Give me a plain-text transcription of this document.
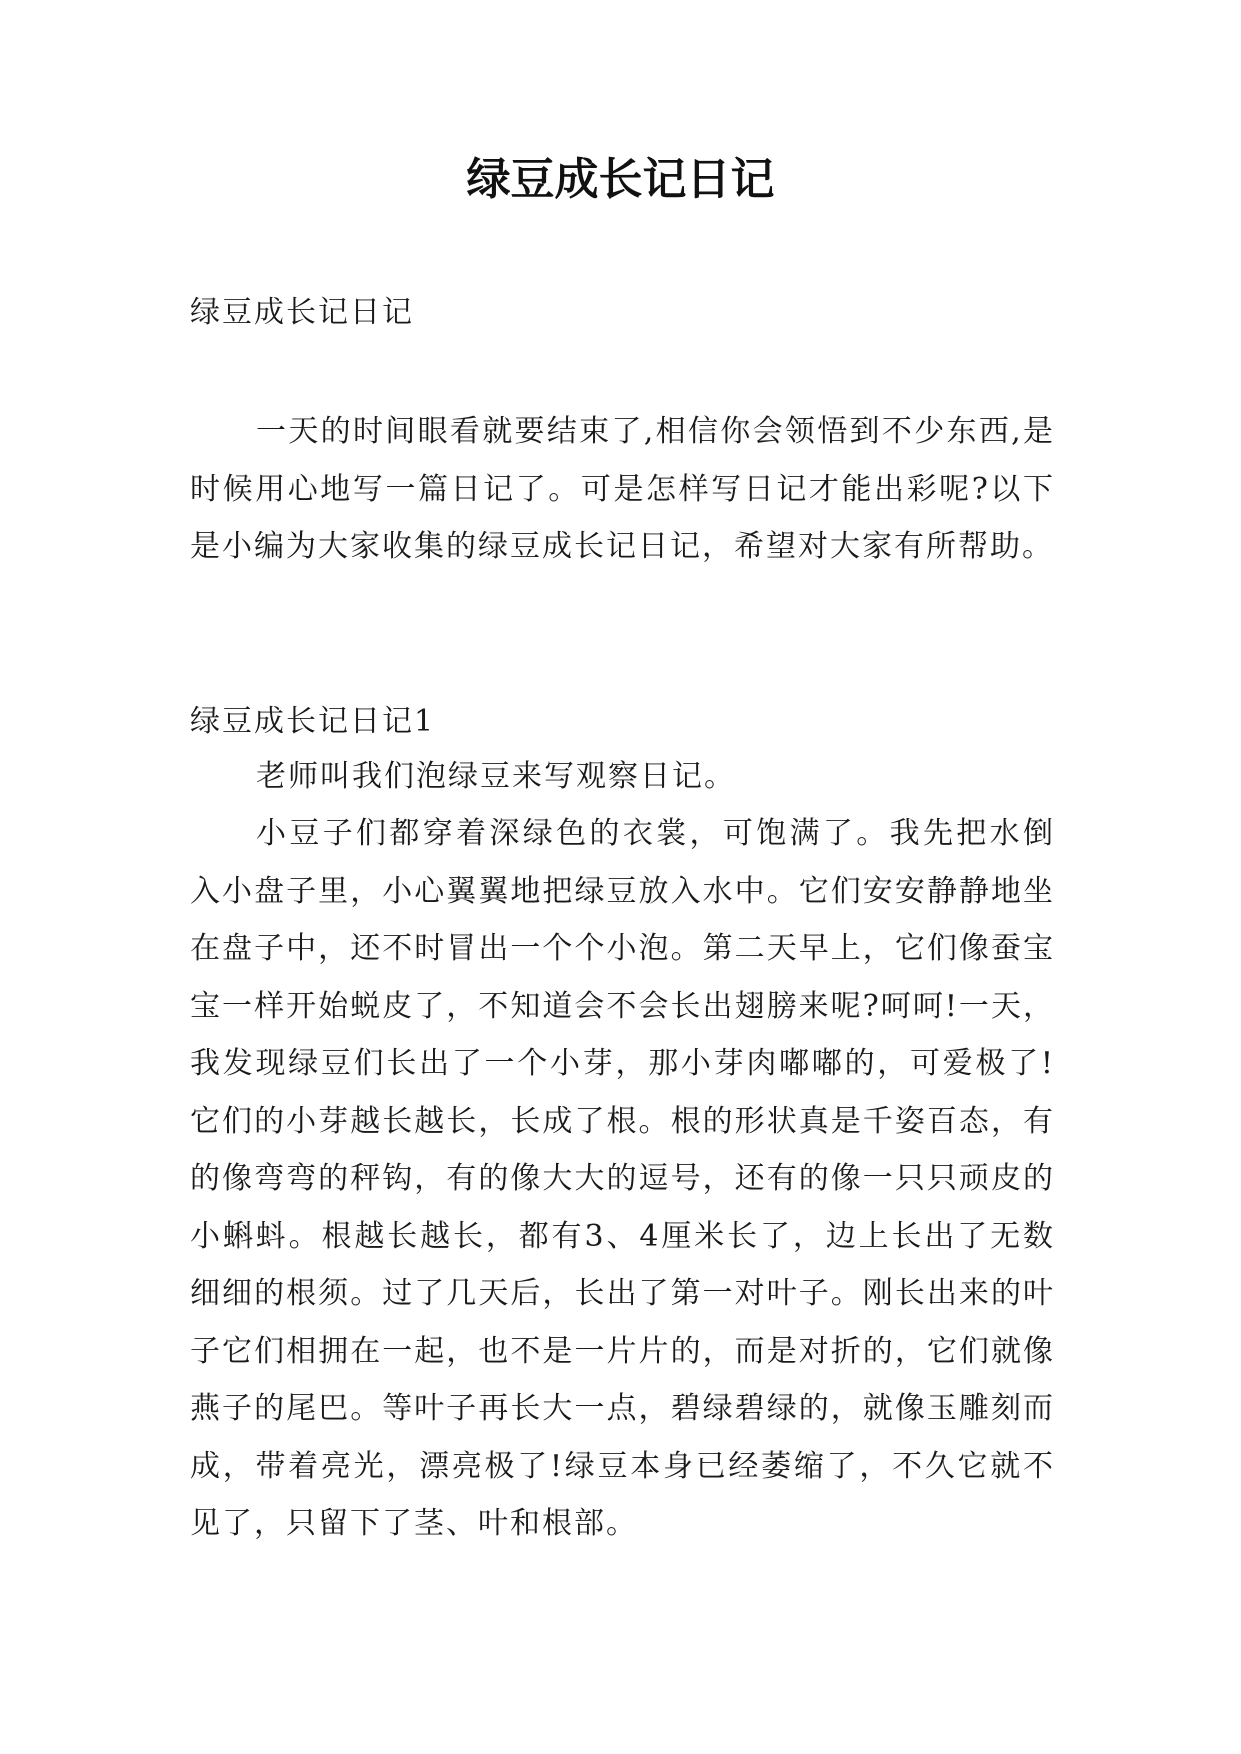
绿豆成长记日记

绿豆成长记日记

一天的时间眼看就要结束了,相信你会领悟到不少东西,是时候用心地写一篇日记了。可是怎样写日记才能出彩呢?以下是小编为大家收集的绿豆成长记日记，希望对大家有所帮助。

绿豆成长记日记1

老师叫我们泡绿豆来写观察日记。

小豆子们都穿着深绿色的衣裳，可饱满了。我先把水倒入小盘子里，小心翼翼地把绿豆放入水中。它们安安静静地坐在盘子中，还不时冒出一个个小泡。第二天早上，它们像蚕宝宝一样开始蜕皮了，不知道会不会长出翅膀来呢?呵呵!一天，我发现绿豆们长出了一个小芽，那小芽肉嘟嘟的，可爱极了!它们的小芽越长越长，长成了根。根的形状真是千姿百态，有的像弯弯的秤钩，有的像大大的逗号，还有的像一只只顽皮的小蝌蚪。根越长越长，都有3、4厘米长了，边上长出了无数细细的根须。过了几天后，长出了第一对叶子。刚长出来的叶子它们相拥在一起，也不是一片片的，而是对折的，它们就像燕子的尾巴。等叶子再长大一点，碧绿碧绿的，就像玉雕刻而成，带着亮光，漂亮极了!绿豆本身已经萎缩了，不久它就不见了，只留下了茎、叶和根部。
